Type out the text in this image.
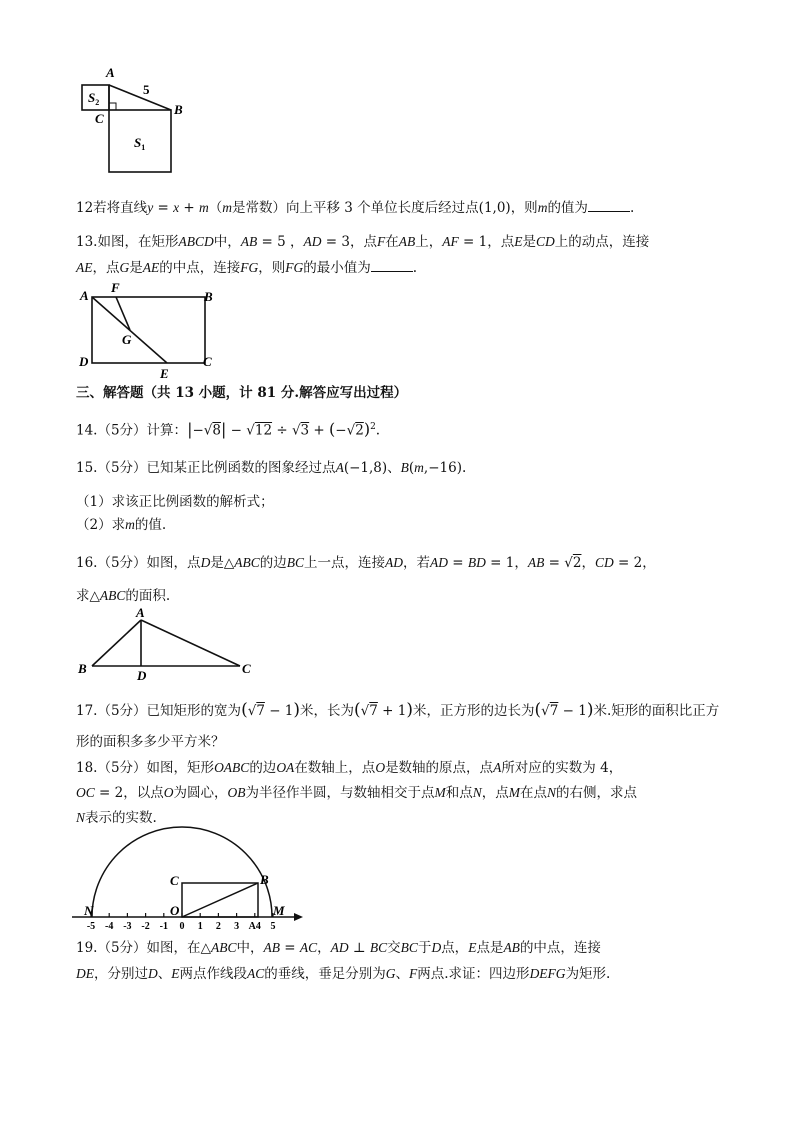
A
B
C
5
$S_2$
$S_1$
12若将直线y = x + m（m是常数）向上平移 3 个单位长度后经过点(1,0)，则m的值为	.
13.如图，在矩形ABCD中，AB = 5 ，AD = 3，点F在AB上，AF = 1，点E是CD上的动点，连接
AE，点G是AE的中点，连接FG，则FG的最小值为	.
A
F
B
G
D	C
E
三、解答题（共 13 小题，计 81 分.解答应写出过程）
14.（5分）计算：$|-√8| - √12 \div √3 + (-√2)^2$.
15.（5分）已知某正比例函数的图象经过点A(−1,8)、B(m,−16).
（1）求该正比例函数的解析式；
（2）求m的值.
16.（5分）如图，点D是△ABC的边BC上一点，连接AD，若AD = BD = 1，AB = √2，CD = 2，
求△ABC的面积.
A
B	D	C
17.（5分）已知矩形的宽为(√7 − 1)米，长为(√7 + 1)米，正方形的边长为(√7 − 1)米.矩形的面积比正方
形的面积多多少平方米？
18.（5分）如图，矩形OABC的边OA在数轴上，点O是数轴的原点，点A所对应的实数为 4，
OC = 2，以点O为圆心，OB为半径作半圆，与数轴相交于点M和点N，点M在点N的右侧，求点
N表示的实数.
-5 -4 -3 -2 -1 0 1 2 3 A4 5
C	B
N	O	M
19.（5分）如图，在△ABC中，AB = AC，AD ⊥ BC交BC于D点，E点是AB的中点，连接
DE，分别过D、E两点作线段AC的垂线，垂足分别为G、F两点.求证：四边形DEFG为矩形.
